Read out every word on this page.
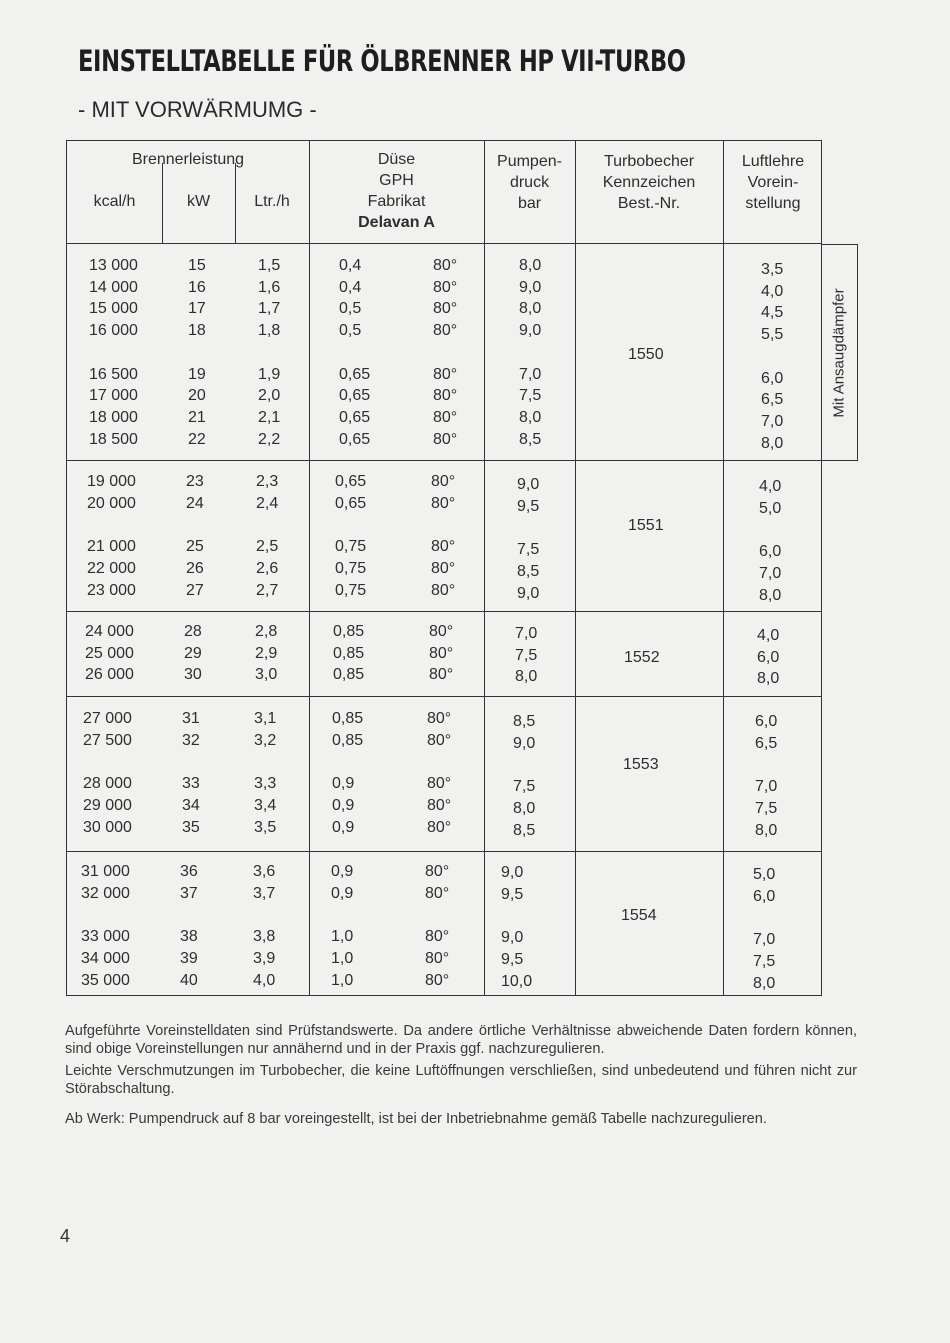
EINSTELLTABELLE FÜR ÖLBRENNER HP VII-TURBO
- MIT VORWÄRMUMG -
Brennerleistung
kcal/h	kW	Ltr./h
Düse
GPH
Fabrikat
Delavan A
Pumpen-
druck
bar
Turbobecher
Kennzeichen
Best.-Nr.
Luftlehre
Vorein-
stellung
13 000
14 000
15 000
16 000

16 500
17 000
18 000
18 500
15
16
17
18

19
20
21
22
1,5
1,6
1,7
1,8

1,9
2,0
2,1
2,2
0,4
0,4
0,5
0,5

0,65
0,65
0,65
0,65
80°
80°
80°
80°

80°
80°
80°
80°
8,0
9,0
8,0
9,0

7,0
7,5
8,0
8,5
3,5
4,0
4,5
5,5

6,0
6,5
7,0
8,0
1550
19 000
20 000

21 000
22 000
23 000
23
24

25
26
27
2,3
2,4

2,5
2,6
2,7
0,65
0,65

0,75
0,75
0,75
80°
80°

80°
80°
80°
9,0
9,5

7,5
8,5
9,0
4,0
5,0

6,0
7,0
8,0
1551
24 000
25 000
26 000
28
29
30
2,8
2,9
3,0
0,85
0,85
0,85
80°
80°
80°
7,0
7,5
8,0
4,0
6,0
8,0
1552
27 000
27 500

28 000
29 000
30 000
31
32

33
34
35
3,1
3,2

3,3
3,4
3,5
0,85
0,85

0,9
0,9
0,9
80°
80°

80°
80°
80°
8,5
9,0

7,5
8,0
8,5
6,0
6,5

7,0
7,5
8,0
1553
31 000
32 000

33 000
34 000
35 000
36
37

38
39
40
3,6
3,7

3,8
3,9
4,0
0,9
0,9

1,0
1,0
1,0
80°
80°

80°
80°
80°
9,0
9,5

9,0
9,5
10,0
5,0
6,0

7,0
7,5
8,0
1554
Mit Ansaugdämpfer

Aufgeführte Voreinstelldaten sind Prüfstandswerte. Da andere örtliche Verhältnisse abweichende Daten fordern können, sind obige Voreinstellungen nur annähernd und in der Praxis ggf. nachzuregulieren.

Leichte Verschmutzungen im Turbobecher, die keine Luftöffnungen verschließen, sind unbedeutend und führen nicht zur Störabschaltung.

Ab Werk: Pumpendruck auf 8 bar voreingestellt, ist bei der Inbetriebnahme gemäß Tabelle nachzuregulieren.

4
